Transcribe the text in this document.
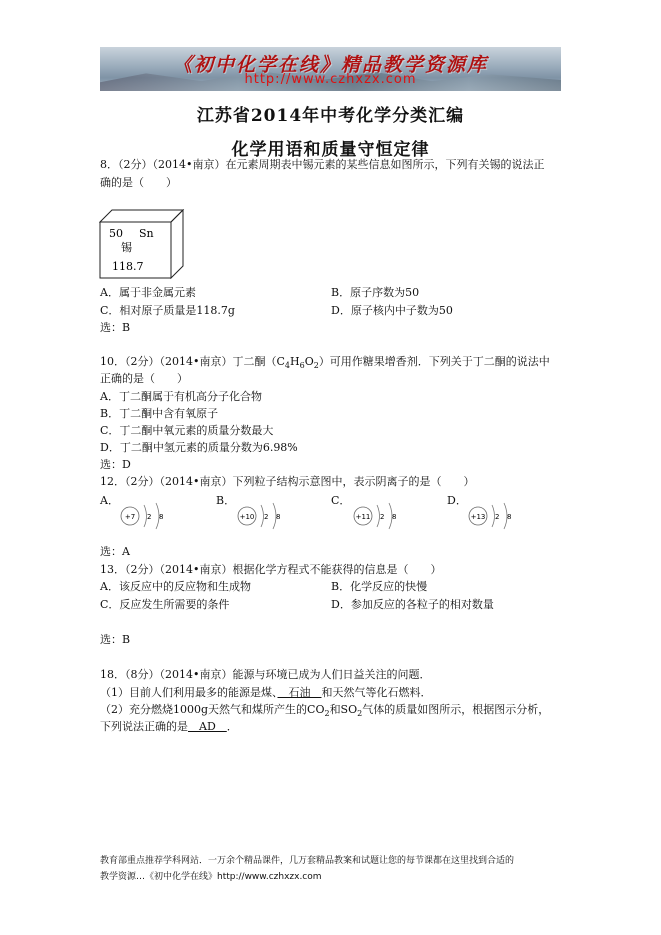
《初中化学在线》精品教学资源库
http://www.czhxzx.com
江苏省2014年中考化学分类汇编
化学用语和质量守恒定律
8．（2分）（2014•南京）在元素周期表中锡元素的某些信息如图所示，下列有关锡的说法正
确的是（　　）
50 Sn
锡
118.7
A．属于非金属元素	B．原子序数为50
C．相对原子质量是118.7g	D．原子核内中子数为50
选：B
10．（2分）（2014•南京）丁二酮$(C_4H_6O_2)$可用作糖果增香剂．下列关于丁二酮的说法中
正确的是（　　）
A．丁二酮属于有机高分子化合物
B．丁二酮中含有氧原子
C．丁二酮中氧元素的质量分数最大
D．丁二酮中氢元素的质量分数为6.98%
选：D
12．（2分）（2014•南京）下列粒子结构示意图中，表示阴离子的是（　　）
A．	B．	C．	D．
+7 2 8	+10 2 8	+11 2 8	+13 2 8
选：A
13．（2分）（2014•南京）根据化学方程式不能获得的信息是（　　）
A．该反应中的反应物和生成物	B．化学反应的快慢
C．反应发生所需要的条件	D．参加反应的各粒子的相对数量
选：B
18．（8分）（2014•南京）能源与环境已成为人们日益关注的问题．
（1）目前人们利用最多的能源是煤、　石油　和天然气等化石燃料．
（2）充分燃烧1000g天然气和煤所产生的$CO_2$和$SO_2$气体的质量如图所示，根据图示分析，
下列说法正确的是　AD　．
教育部重点推荐学科网站．一万余个精品课件，几万套精品教案和试题让您的每节课都在这里找到合适的
教学资源…《初中化学在线》http://www.czhxzx.com
